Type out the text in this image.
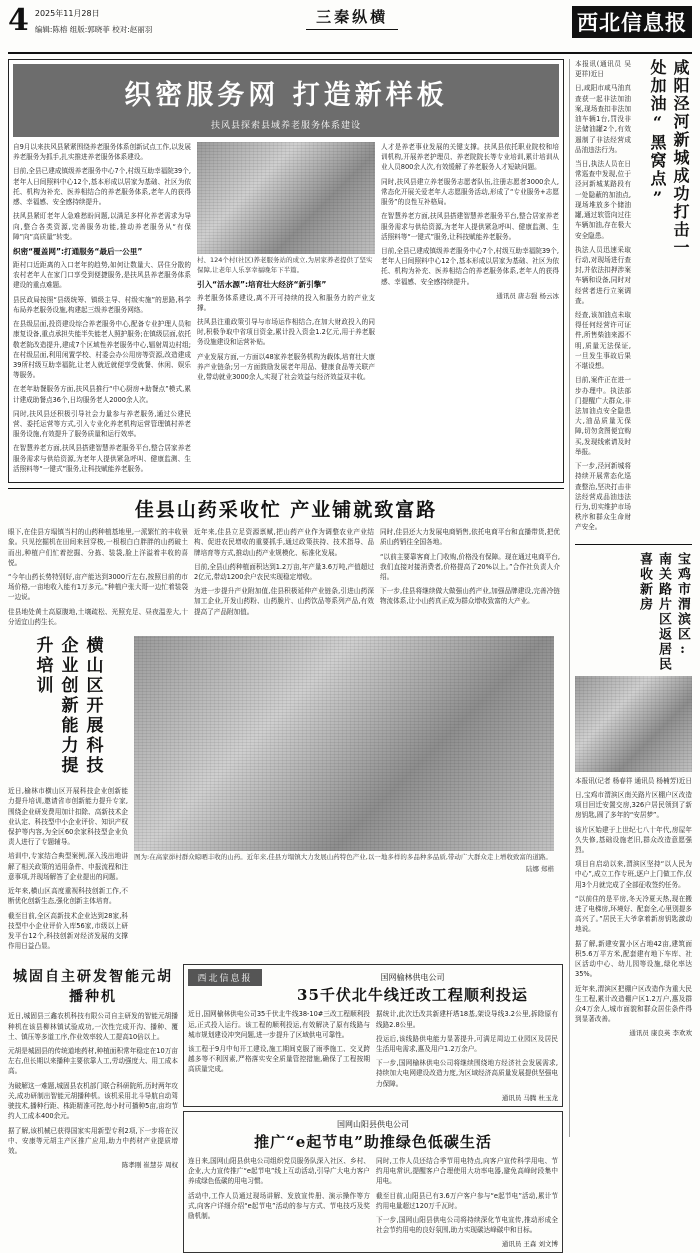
4 2025年11月28日
编辑:陈榕 组版:郭晓菲 校对:赵丽羽
三秦纵横	西北信息报
织密服务网 打造新样板
扶风县探索县域养老服务体系建设

自9月以来扶风县紧紧围绕养老服务体系创新试点工作,以发展养老服务为抓手,扎实推进养老服务体系建设。

目前,全县已建成镇级养老服务中心7个,村级互助幸福院39个,老年人日间照料中心12个,基本形成以居家为基础、社区为依托、机构为补充、医养相结合的养老服务体系,老年人的获得感、幸福感、安全感持续提升。

扶风县紧盯老年人急难愁盼问题,以满足多样化养老需求为导向,整合各类资源,完善服务功能,推动养老服务从“有保障”向“高质量”转变。

织密“覆盖网”:打通服务“最后一公里”

距村口近距离的入口老年的趋势,如何让数量大、居住分散的农村老年人在家门口享受到便捷服务,是扶风县养老服务体系建设的重点难题。

县民政局按照“县级统筹、镇级主导、村级实施”的思路,科学布局养老服务设施,构建起三级养老服务网络。

在县级层面,投资建设综合养老服务中心,配备专业护理人员和康复设备,重点承担失能半失能老人照护服务;在镇级层面,依托敬老院改造提升,建成7个区域性养老服务中心,辐射周边村组;在村级层面,利用闲置学校、村委会办公用房等资源,改造建成39所村级互助幸福院,让老人就近就便享受就餐、休闲、娱乐等服务。

在老年助餐服务方面,扶风县推行“中心厨房+助餐点”模式,累计建成助餐点36个,日均服务老人2000余人次。

同时,扶风县还积极引导社会力量参与养老服务,通过公建民营、委托运营等方式,引入专业化养老机构运营管理镇村养老服务设施,有效提升了服务质量和运行效率。

在智慧养老方面,扶风县搭建智慧养老服务平台,整合居家养老服务需求与供给资源,为老年人提供紧急呼叫、健康监测、生活照料等“一键式”服务,让科技赋能养老服务。

村、124个村(社区)养老服务站的成立,为居家养老提供了坚实保障,让老年人乐享幸福晚年下半篇。
引入“活水源”:培育壮大经济“新引擎”

养老服务体系建设,离不开可持续的投入和服务力的产业支撑。

扶风县注重政策引导与市场运作相结合,在加大财政投入的同时,积极争取中省项目资金,累计投入资金1.2亿元,用于养老服务设施建设和运营补贴。

产业发展方面,一方面以48家养老服务机构为载体,培育壮大康养产业链条;另一方面鼓励发展老年用品、健康食品等关联产业,带动就业3000余人,实现了社会效益与经济效益双丰收。

人才是养老事业发展的关键支撑。扶风县依托职业院校和培训机构,开展养老护理员、养老院院长等专业培训,累计培训从业人员800余人次,有效缓解了养老服务人才短缺问题。

同时,扶风县建立养老服务志愿者队伍,注册志愿者3000余人,常态化开展关爱老年人志愿服务活动,形成了“专业服务+志愿服务”的良性互补格局。

在智慧养老方面,扶风县搭建智慧养老服务平台,整合居家养老服务需求与供给资源,为老年人提供紧急呼叫、健康监测、生活照料等“一键式”服务,让科技赋能养老服务。

目前,全县已建成镇级养老服务中心7个,村级互助幸福院39个,老年人日间照料中心12个,基本形成以居家为基础、社区为依托、机构为补充、医养相结合的养老服务体系,老年人的获得感、幸福感、安全感持续提升。

通讯员 唐志强 杨云冰
佳县山药采收忙 产业铺就致富路

眼下,在佳县方塌镇当村的山药种植基地里,一派繁忙的丰收景象。只见挖掘机在田间来回穿梭,一根根白白胖胖的山药破土而出,种植户们忙着挖掘、分拣、装袋,脸上洋溢着丰收的喜悦。

“今年山药长势特别好,亩产能达到3000斤左右,按照目前的市场价格,一亩地收入能有1万多元。”种植户张大哥一边忙着装袋一边说。

佳县地处黄土高原腹地,土壤疏松、光照充足、昼夜温差大,十分适宜山药生长。

近年来,佳县立足资源禀赋,把山药产业作为调整农业产业结构、促进农民增收的重要抓手,通过政策扶持、技术指导、品牌培育等方式,推动山药产业规模化、标准化发展。

目前,全县山药种植面积达到1.2万亩,年产量3.6万吨,产值超过2亿元,带动1200余户农民实现稳定增收。

为进一步提升产业附加值,佳县积极延伸产业链条,引进山药深加工企业,开发山药粉、山药脆片、山药饮品等系列产品,有效提高了产品附加值。

同时,佳县还大力发展电商销售,依托电商平台和直播带货,把优质山药销往全国各地。

“以前主要靠客商上门收购,价格没有保障。现在通过电商平台,我们直接对接消费者,价格提高了20%以上。”合作社负责人介绍。

下一步,佳县将继续做大做强山药产业,加强品牌建设,完善冷链物流体系,让小山药真正成为群众增收致富的大产业。

横山区开展科技企业创新能力提升培训

近日,榆林市横山区开展科技企业创新能力提升培训,邀请省市创新能力提升专家,围绕企业研发费用加计扣除、高新技术企业认定、科技型中小企业评价、知识产权保护等内容,为全区60余家科技型企业负责人进行了专题辅导。

培训中,专家结合典型案例,深入浅出地讲解了相关政策的适用条件、申报流程和注意事项,并现场解答了企业提出的问题。

近年来,横山区高度重视科技创新工作,不断优化创新生态,强化创新主体培育。

截至目前,全区高新技术企业达到28家,科技型中小企业评价入库56家,市级以上研发平台12个,科技创新对经济发展的支撑作用日益凸显。

图为:在高家峁村群众晾晒丰收的山药。近年来,佳县方塌镇大力发展山药特色产业,以一地多样的多品种多品质,带动广大群众走上增收致富的道路。
陆娜 郑楷
城固自主研发智能元胡播种机

近日,城固县三鑫农机科技有限公司自主研发的智能元胡播种机在该县柳林镇试验成功,一次性完成开沟、播种、覆土、镇压等多道工序,作业效率较人工提高10倍以上。

元胡是城固县的传统道地药材,种植面积常年稳定在10万亩左右,但长期以来播种主要依靠人工,劳动强度大、用工成本高。

为破解这一难题,城固县农机部门联合科研院所,历时两年攻关,成功研制出智能元胡播种机。该机采用北斗导航自动驾驶技术,播种行距、株距精准可控,每小时可播种5亩,亩均节约人工成本400余元。

据了解,该机械已获得国家实用新型专利2项,下一步将在汉中、安康等元胡主产区推广应用,助力中药材产业提质增效。

陈孝刚 崔慧芬 周权
西北信息报	国网榆林供电公司
35千伏北牛线迁改工程顺利投运

近日,国网榆林供电公司35千伏北牛线38-10#三改工程顺利投运,正式投入运行。该工程的顺利投运,有效解决了原有线路与城市规划建设冲突问题,进一步提升了区域供电可靠性。

该工程于9月中旬开工建设,施工期间克服了雨季施工、交叉跨越多等不利因素,严格落实安全质量管控措施,确保了工程按期高质量完成。

据统计,此次迁改共新建杆塔18基,架设导线3.2公里,拆除原有线路2.8公里。

投运后,该线路供电能力显著提升,可满足周边工业园区及居民生活用电需求,惠及用户1.2万余户。

下一步,国网榆林供电公司将继续围绕地方经济社会发展需求,持续加大电网建设改造力度,为区域经济高质量发展提供坚强电力保障。

通讯员 马腾 杜玉龙
国网山阳县供电公司
推广“e起节电”助推绿色低碳生活

连日来,国网山阳县供电公司组织党员服务队深入社区、乡村、企业,大力宣传推广“e起节电”线上互动活动,引导广大电力客户养成绿色低碳的用电习惯。

活动中,工作人员通过现场讲解、发放宣传册、演示操作等方式,向客户详细介绍“e起节电”活动的参与方式、节电技巧及奖励机制。

同时,工作人员还结合季节用电特点,向客户宣传科学用电、节约用电常识,提醒客户合理使用大功率电器,避免高峰时段集中用电。

截至目前,山阳县已有3.6万户客户参与“e起节电”活动,累计节约用电量超过120万千瓦时。

下一步,国网山阳县供电公司将持续深化节电宣传,推动形成全社会节约用电的良好氛围,助力实现碳达峰碳中和目标。

通讯员 王森 刘文博

本报讯(通讯员 吴更祥)近日

日,咸阳市咸马油真查获一起非法加油案,现场查扣非法加油车辆1台,罚没非法储油罐2个,有效遏制了非法经营成品油违法行为。

当日,执法人员在日常巡查中发现,位于泾河新城某路段有一处隐蔽的加油点,现场堆放多个储油罐,通过软管向过往车辆加油,存在极大安全隐患。

执法人员迅速采取行动,对现场进行查封,并依法扣押涉案车辆和设备,同时对经营者进行立案调查。

经查,该加油点未取得任何经营许可证件,所售柴油来源不明,质量无法保证,一旦发生事故后果不堪设想。

目前,案件正在进一步办理中。执法部门提醒广大群众,非法加油点安全隐患大,油品质量无保障,切勿贪图便宜购买,发现线索请及时举报。

下一步,泾河新城将持续开展常态化巡查整治,坚决打击非法经营成品油违法行为,切实维护市场秩序和群众生命财产安全。

咸阳泾河新城成功打击一处加油“黑窝点”
宝鸡市渭滨区:南关路片区返居民喜收新房

本报讯(记者 杨春祥 通讯员 杨楠芳)近日

日,宝鸡市渭滨区南关路片区棚户区改造项目回迁安置交房,326户居民领到了新房钥匙,圆了多年的“安居梦”。

该片区始建于上世纪七八十年代,房屋年久失修,基础设施老旧,群众改造意愿强烈。

项目自启动以来,渭滨区坚持“以人民为中心”,成立工作专班,逐户上门做工作,仅用3个月就完成了全部征收签约任务。

“以前住的是平房,冬天冷夏天热,现在搬进了电梯房,环境好、配套全,心里别提多高兴了。”居民王大爷拿着新房钥匙激动地说。

据了解,新建安置小区占地42亩,建筑面积5.6万平方米,配套建有地下车库、社区活动中心、幼儿园等设施,绿化率达35%。

近年来,渭滨区把棚户区改造作为重大民生工程,累计改造棚户区1.2万户,惠及群众4万余人,城市面貌和群众居住条件得到显著改善。

通讯员 康良英 李欢欢
